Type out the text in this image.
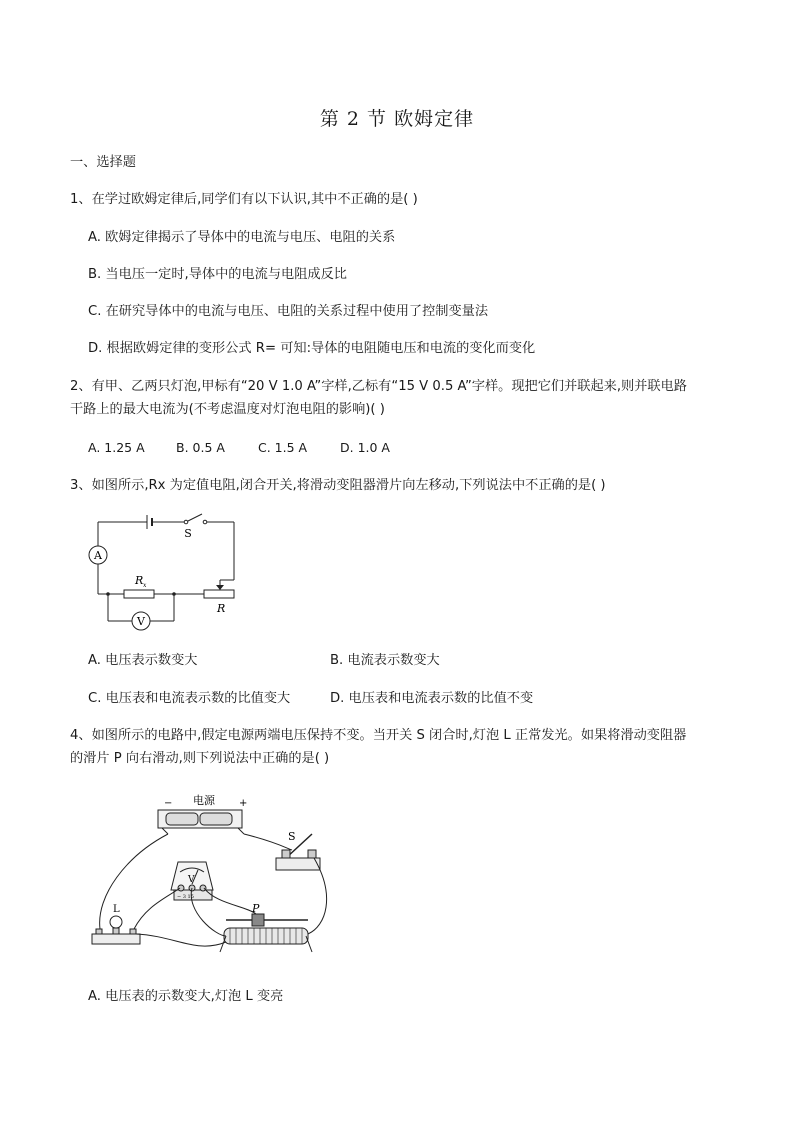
第 2 节 欧姆定律
一、选择题
1、在学过欧姆定律后,同学们有以下认识,其中不正确的是( )
A. 欧姆定律揭示了导体中的电流与电压、电阻的关系
B. 当电压一定时,导体中的电流与电阻成反比
C. 在研究导体中的电流与电压、电阻的关系过程中使用了控制变量法
D. 根据欧姆定律的变形公式 R= 可知:导体的电阻随电压和电流的变化而变化
2、有甲、乙两只灯泡,甲标有“20 V 1.0 A”字样,乙标有“15 V 0.5 A”字样。现把它们并联起来,则并联电路
干路上的最大电流为(不考虑温度对灯泡电阻的影响)( )
A. 1.25 A	B. 0.5 A	C. 1.5 A	D. 1.0 A
3、如图所示,Rx 为定值电阻,闭合开关,将滑动变阻器滑片向左移动,下列说法中不正确的是( )
A
V
S
R x
R
A. 电压表示数变大	B. 电流表示数变大
C. 电压表和电流表示数的比值变大	D. 电压表和电流表示数的比值不变
4、如图所示的电路中,假定电源两端电压保持不变。当开关 S 闭合时,灯泡 L 正常发光。如果将滑动变阻器
的滑片 P 向右滑动,则下列说法中正确的是( )
电源
−	+
S
V
− 3 15
L	P
A. 电压表的示数变大,灯泡 L 变亮
